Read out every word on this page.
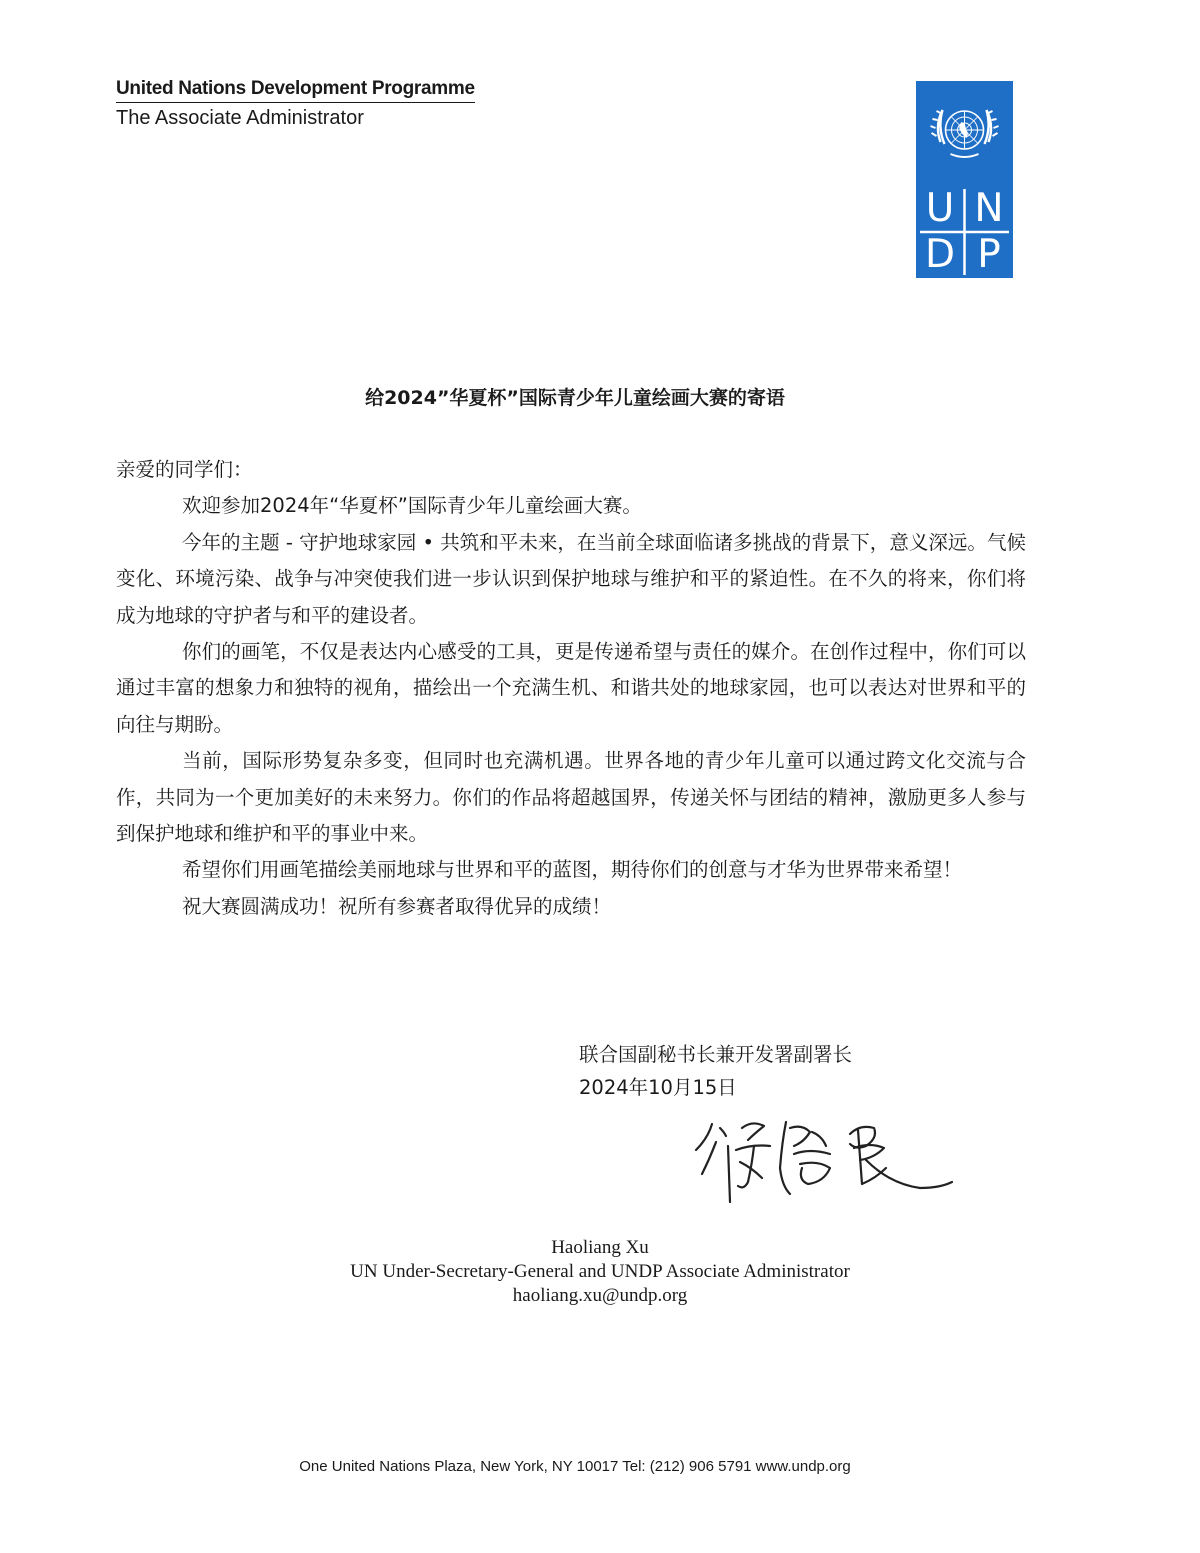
United Nations Development Programme
The Associate Administrator
U N
D P
给2024”华夏杯”国际青少年儿童绘画大赛的寄语

亲爱的同学们：

欢迎参加2024年“华夏杯”国际青少年儿童绘画大赛。

今年的主题 - 守护地球家园 • 共筑和平未来，在当前全球面临诸多挑战的背景下，意义深远。气候变化、环境污染、战争与冲突使我们进一步认识到保护地球与维护和平的紧迫性。在不久的将来，你们将成为地球的守护者与和平的建设者。

你们的画笔，不仅是表达内心感受的工具，更是传递希望与责任的媒介。在创作过程中，你们可以通过丰富的想象力和独特的视角，描绘出一个充满生机、和谐共处的地球家园，也可以表达对世界和平的向往与期盼。

当前，国际形势复杂多变，但同时也充满机遇。世界各地的青少年儿童可以通过跨文化交流与合作，共同为一个更加美好的未来努力。你们的作品将超越国界，传递关怀与团结的精神，激励更多人参与到保护地球和维护和平的事业中来。

希望你们用画笔描绘美丽地球与世界和平的蓝图，期待你们的创意与才华为世界带来希望！

祝大赛圆满成功！祝所有参赛者取得优异的成绩！

联合国副秘书长兼开发署副署长
2024年10月15日
Haoliang Xu
UN Under-Secretary-General and UNDP Associate Administrator
haoliang.xu@undp.org
One United Nations Plaza, New York, NY 10017 Tel: (212) 906 5791 www.undp.org
